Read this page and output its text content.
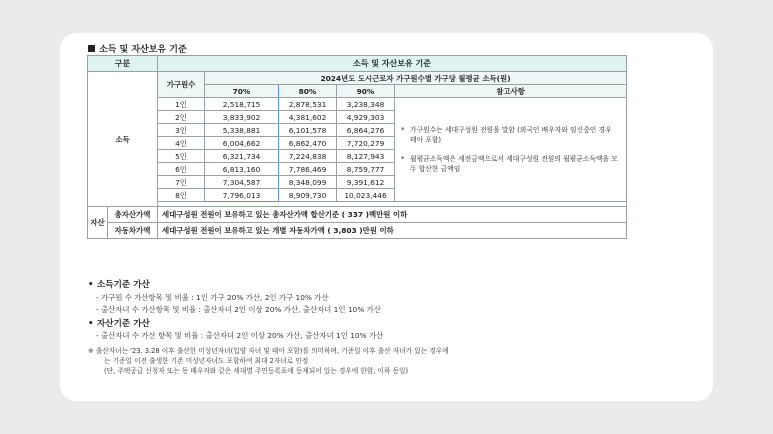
소득 및 자산보유 기준
구분		소득 및 자산보유 기준				
소득		가구원수	2024년도 도시근로자 가구원수별 가구당 월평균 소득(원)			
			70%	80%	90%	참고사항
		1인	2,518,715	2,878,531	3,238,348	* 가구원수는 세대구성원 전원을 말함 (외국인 배우자와 임신중인 경우 태아 포함)
* 월평균소득액은 세전금액으로서 세대구성원 전원의 월평균소득액을 모두 합산한 금액임

		2인	3,833,902	4,381,602	4,929,303	
		3인	5,338,881	6,101,578	6,864,276	
		4인	6,004,662	6,862,470	7,720,279	
		5인	6,321,734	7,224,838	8,127,943	
		6인	6,813,160	7,786,469	8,759,777	
		7인	7,304,587	8,348,099	9,391,612	
		8인	7,796,013	8,909,730	10,023,446	

자산	총자산가액	세대구성원 전원이 보유하고 있는 총자산가액 합산기준 ( 337 )백만원 이하				
	자동차가액	세대구성원 전원이 보유하고 있는 개별 자동차가액 ( 3,803 )만원 이하				
• 소득기준 가산
- 가구원 수 가산항목 및 비율 : 1인 가구 20% 가산, 2인 가구 10% 가산
- 출산자녀 수 가산항목 및 비율 : 출산자녀 2인 이상 20% 가산, 출산자녀 1인 10% 가산
• 자산기준 가산
- 출산자녀 수 가산 항목 및 비율 : 출산자녀 2인 이상 20% 가산, 출산자녀 1인 10% 가산
※ 출산자녀는 '23. 3.28 이후 출산한 미성년자녀(입양 자녀 및 태아 포함)를 의미하며, 기준일 이후 출산 자녀가 있는 경우에
는 기준일 이전 출생한 기존 미성년자녀도 포함하여 최대 2자녀로 인정
(단, 주택공급 신청자 또는 동 배우자와 같은 세대별 주민등록표에 등재되어 있는 경우에 한함, 이하 동일)
